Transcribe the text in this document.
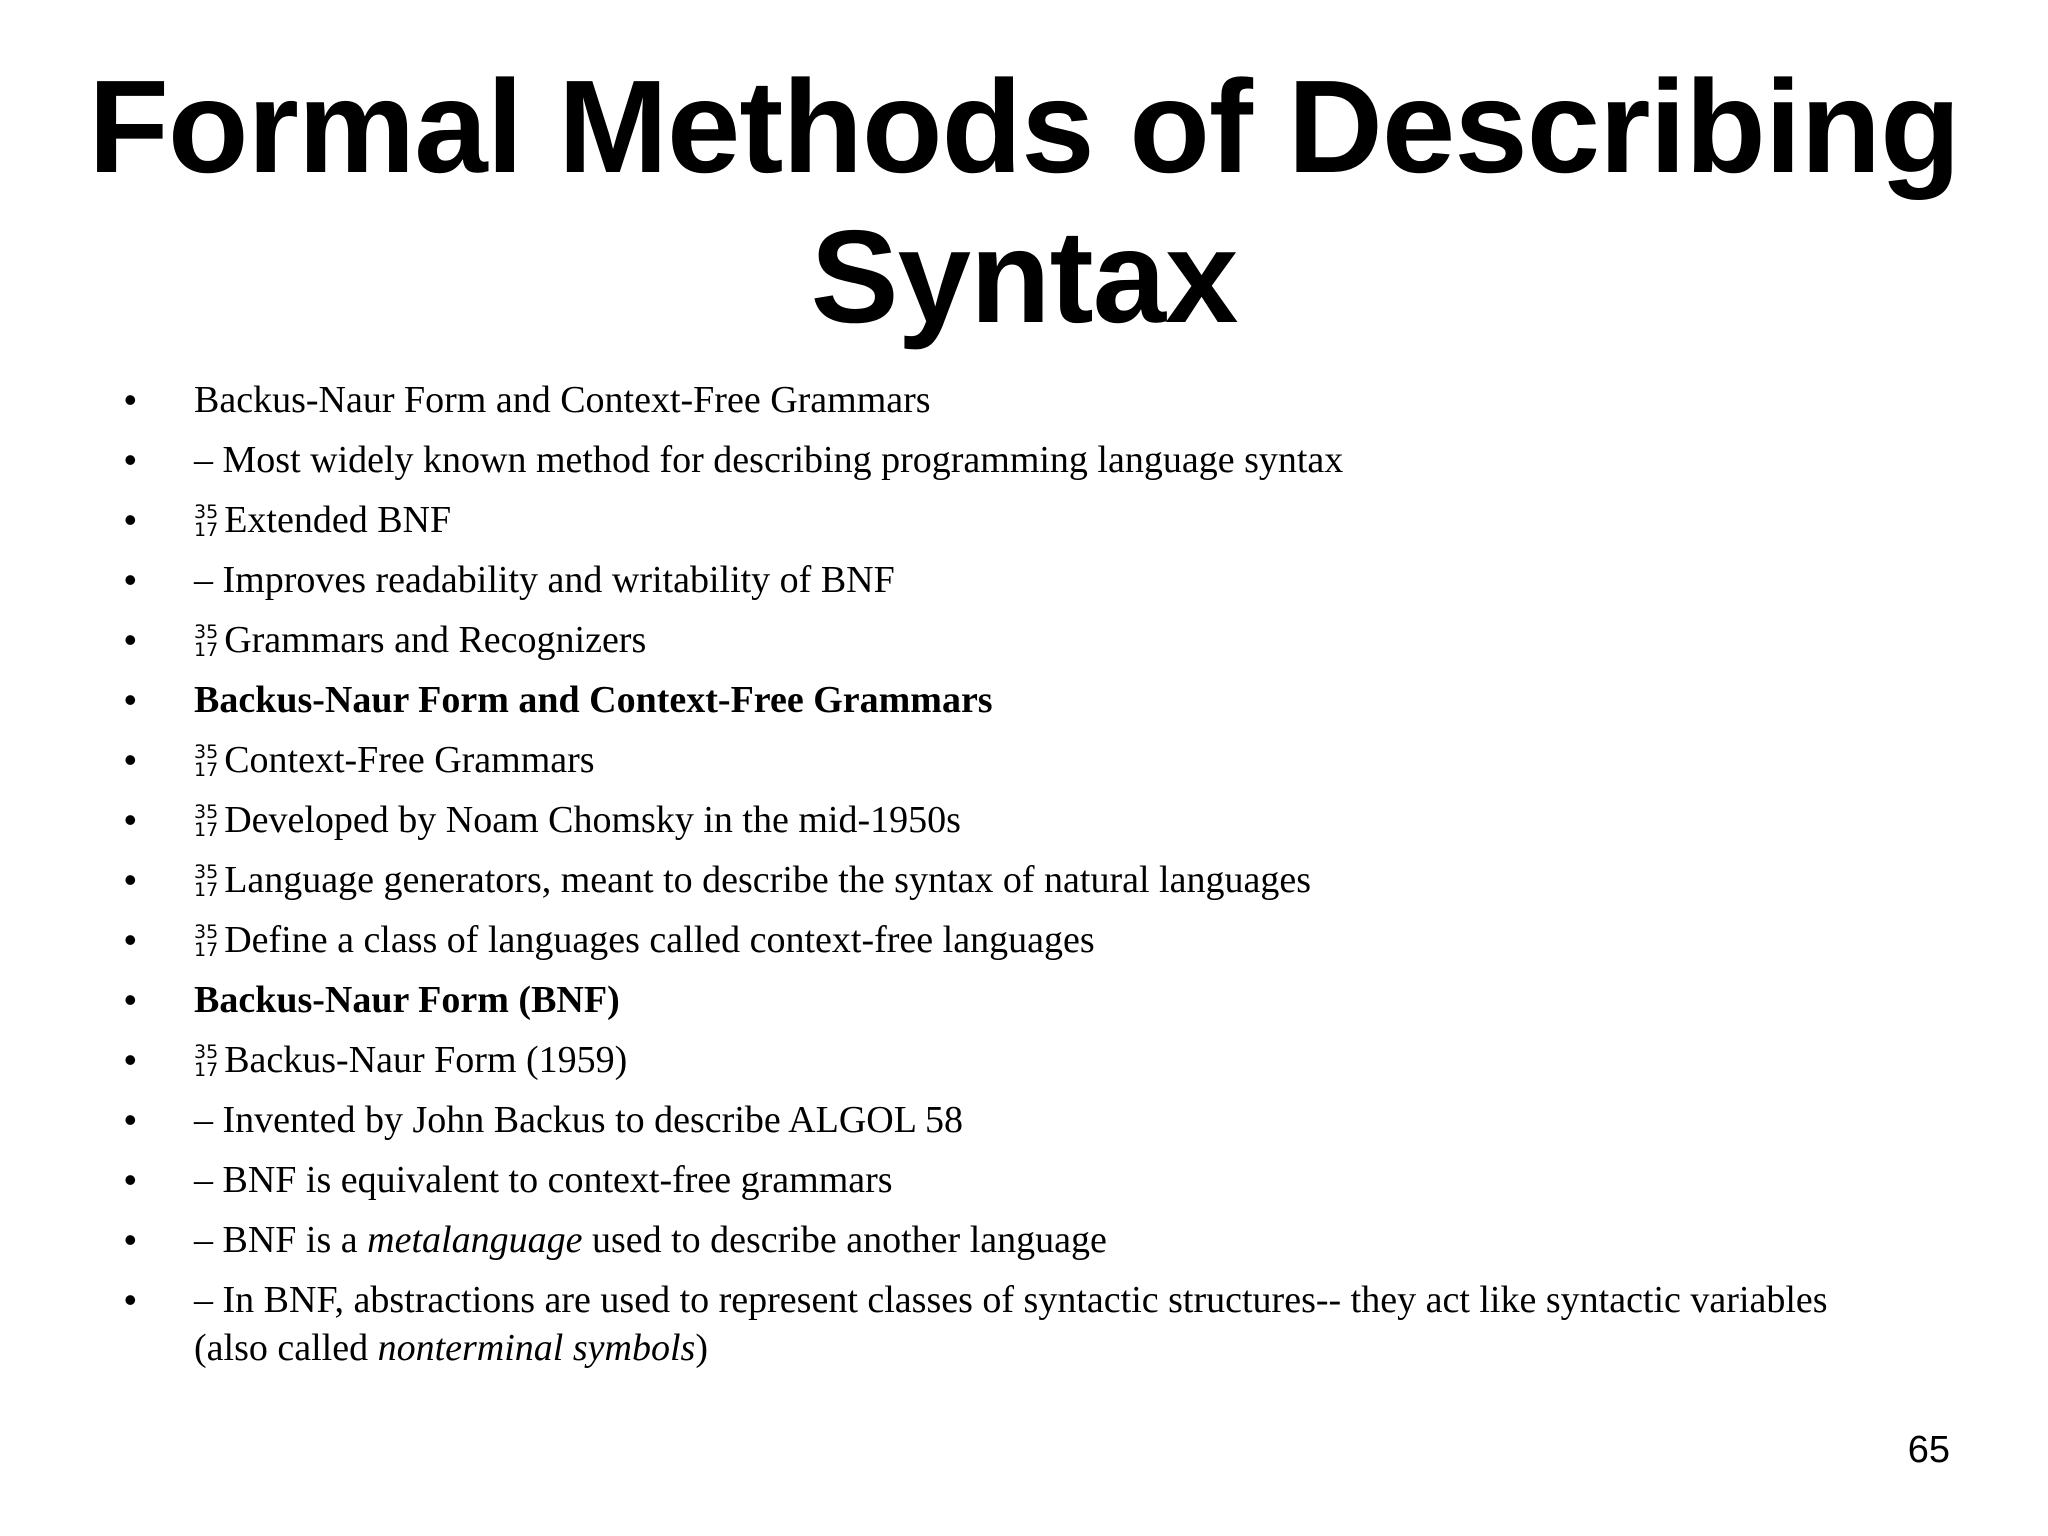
Formal Methods of Describing
Syntax
• Backus-Naur Form and Context-Free Grammars
• – Most widely known method for describing programming language syntax
•	35
17 Extended BNF
• – Improves readability and writability of BNF
•	35
17 Grammars and Recognizers
• Backus-Naur Form and Context-Free Grammars
•	35
17 Context-Free Grammars
•	35
17 Developed by Noam Chomsky in the mid-1950s
•	35
17 Language generators, meant to describe the syntax of natural languages
•	35
17 Define a class of languages called context-free languages
• Backus-Naur Form (BNF)
•	35
17 Backus-Naur Form (1959)
• – Invented by John Backus to describe ALGOL 58
• – BNF is equivalent to context-free grammars
• – BNF is a metalanguage used to describe another language
• – In BNF, abstractions are used to represent classes of syntactic structures-- they act like syntactic variables (also called nonterminal symbols)
65
